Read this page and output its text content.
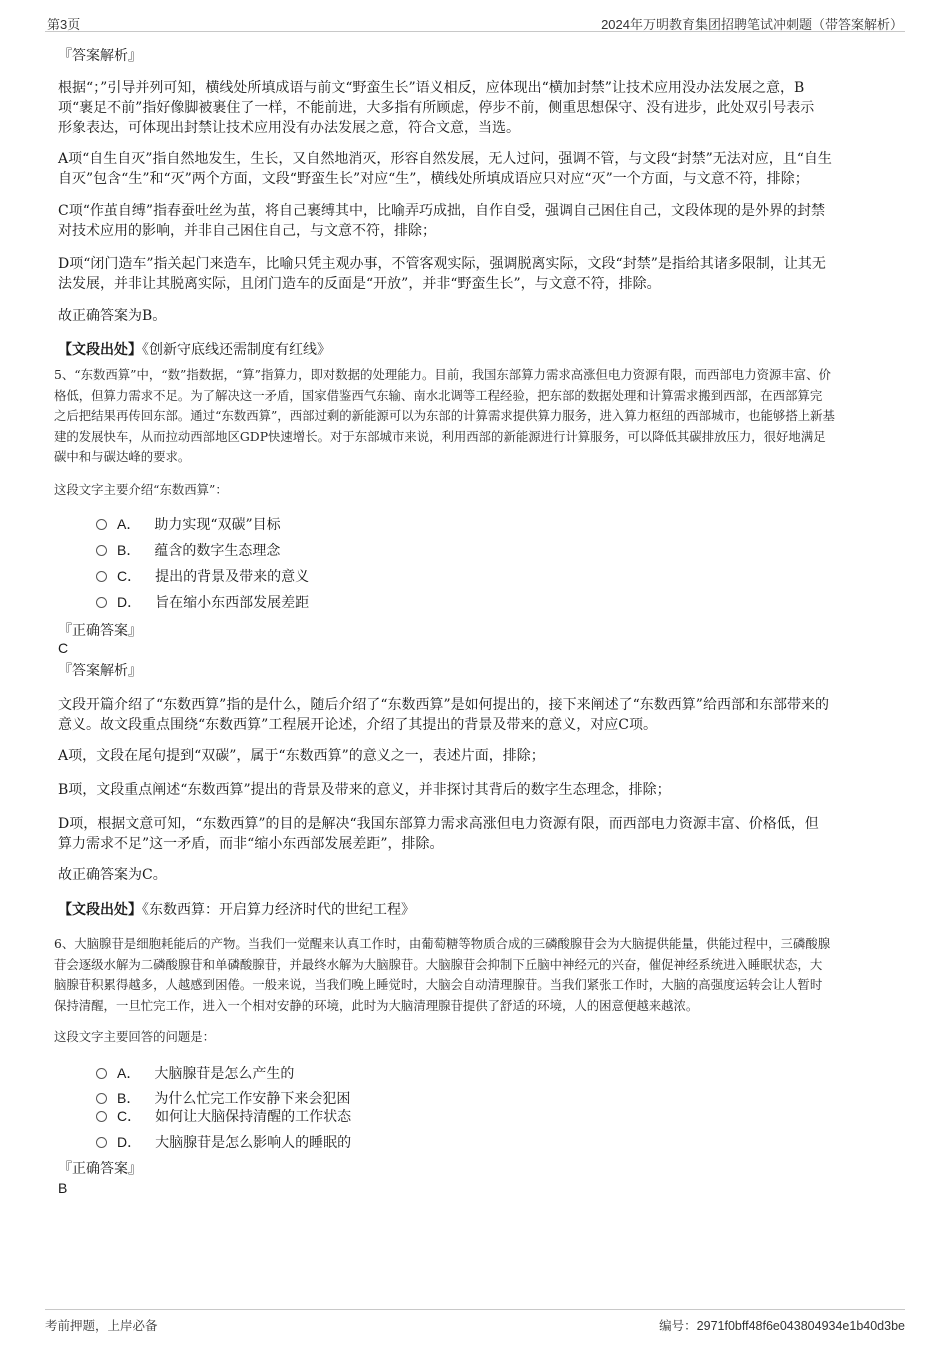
第3页	2024年万明教育集团招聘笔试冲刺题（带答案解析）
『答案解析』
根据“；”引导并列可知，横线处所填成语与前文“野蛮生长”语义相反，应体现出“横加封禁”让技术应用没办法发展之意，B
项“裹足不前”指好像脚被裹住了一样，不能前进，大多指有所顾虑，停步不前，侧重思想保守、没有进步，此处双引号表示
形象表达，可体现出封禁让技术应用没有办法发展之意，符合文意，当选。
A项“自生自灭”指自然地发生，生长，又自然地消灭，形容自然发展，无人过问，强调不管，与文段“封禁”无法对应，且“自生
自灭”包含“生”和“灭”两个方面，文段“野蛮生长”对应“生”，横线处所填成语应只对应“灭”一个方面，与文意不符，排除；
C项“作茧自缚”指春蚕吐丝为茧，将自己裹缚其中，比喻弄巧成拙，自作自受，强调自己困住自己，文段体现的是外界的封禁
对技术应用的影响，并非自己困住自己，与文意不符，排除；
D项“闭门造车”指关起门来造车，比喻只凭主观办事，不管客观实际，强调脱离实际，文段“封禁”是指给其诸多限制，让其无
法发展，并非让其脱离实际，且闭门造车的反面是“开放”，并非“野蛮生长”，与文意不符，排除。
故正确答案为B。
【文段出处】《创新守底线还需制度有红线》
5、“东数西算”中，“数”指数据，“算”指算力，即对数据的处理能力。目前，我国东部算力需求高涨但电力资源有限，而西部电力资源丰富、价
格低，但算力需求不足。为了解决这一矛盾，国家借鉴西气东输、南水北调等工程经验，把东部的数据处理和计算需求搬到西部，在西部算完
之后把结果再传回东部。通过“东数西算”，西部过剩的新能源可以为东部的计算需求提供算力服务，进入算力枢纽的西部城市，也能够搭上新基
建的发展快车，从而拉动西部地区GDP快速增长。对于东部城市来说，利用西部的新能源进行计算服务，可以降低其碳排放压力，很好地满足
碳中和与碳达峰的要求。
这段文字主要介绍“东数西算”：
A． 助力实现“双碳”目标
B． 蕴含的数字生态理念
C． 提出的背景及带来的意义
D． 旨在缩小东西部发展差距
『正确答案』
C
『答案解析』
文段开篇介绍了“东数西算”指的是什么，随后介绍了“东数西算”是如何提出的，接下来阐述了“东数西算”给西部和东部带来的
意义。故文段重点围绕“东数西算”工程展开论述，介绍了其提出的背景及带来的意义，对应C项。
A项，文段在尾句提到“双碳”，属于“东数西算”的意义之一，表述片面，排除；
B项，文段重点阐述“东数西算”提出的背景及带来的意义，并非探讨其背后的数字生态理念，排除；
D项，根据文意可知，“东数西算”的目的是解决“我国东部算力需求高涨但电力资源有限，而西部电力资源丰富、价格低，但
算力需求不足”这一矛盾，而非“缩小东西部发展差距”，排除。
故正确答案为C。
【文段出处】《东数西算：开启算力经济时代的世纪工程》
6、大脑腺苷是细胞耗能后的产物。当我们一觉醒来认真工作时，由葡萄糖等物质合成的三磷酸腺苷会为大脑提供能量，供能过程中，三磷酸腺
苷会逐级水解为二磷酸腺苷和单磷酸腺苷，并最终水解为大脑腺苷。大脑腺苷会抑制下丘脑中神经元的兴奋，催促神经系统进入睡眠状态，大
脑腺苷积累得越多，人越感到困倦。一般来说，当我们晚上睡觉时，大脑会自动清理腺苷。当我们紧张工作时，大脑的高强度运转会让人暂时
保持清醒，一旦忙完工作，进入一个相对安静的环境，此时为大脑清理腺苷提供了舒适的环境，人的困意便越来越浓。
这段文字主要回答的问题是：
A． 大脑腺苷是怎么产生的
B． 为什么忙完工作安静下来会犯困
C． 如何让大脑保持清醒的工作状态
D． 大脑腺苷是怎么影响人的睡眠的
『正确答案』
B
考前押题，上岸必备	编号：2971f0bff48f6e043804934e1b40d3be
